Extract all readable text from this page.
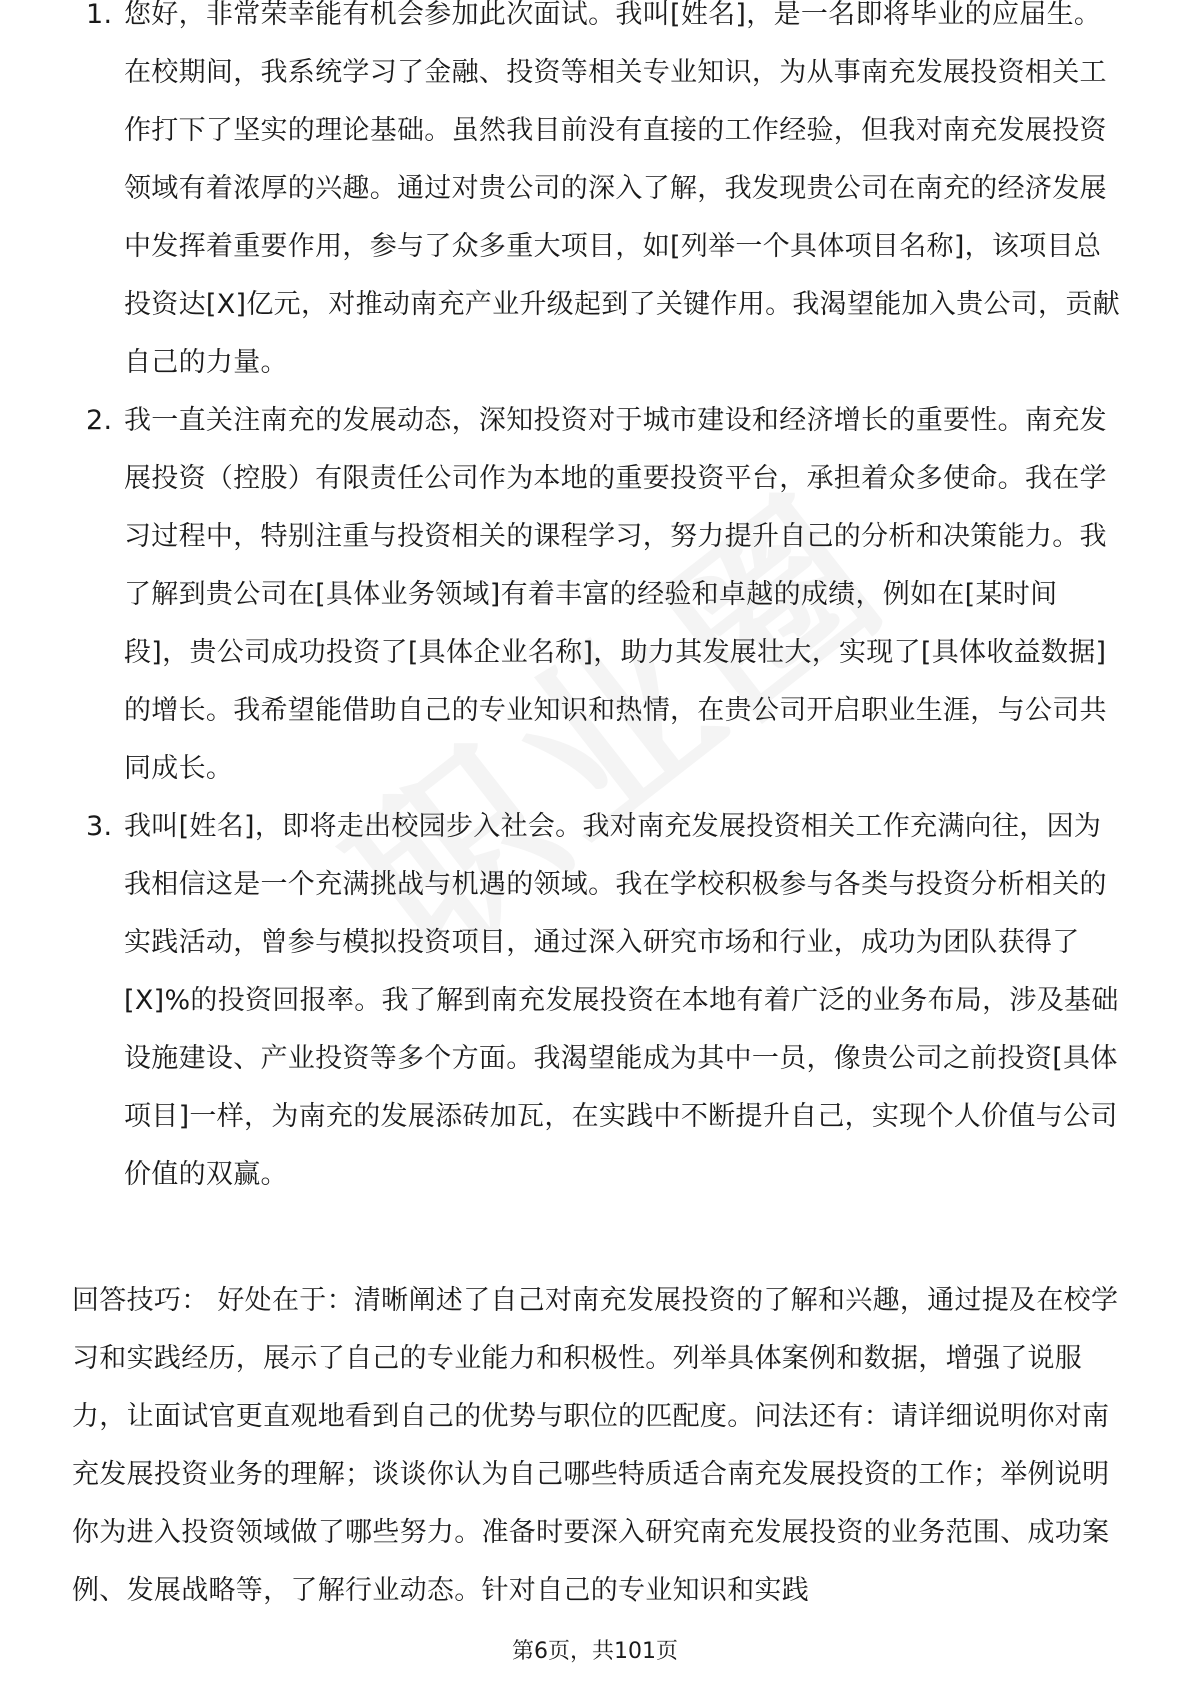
1. 您好，非常荣幸能有机会参加此次面试。我叫[姓名]，是一名即将毕业的应届生。在校期间，我系统学习了金融、投资等相关专业知识，为从事南充发展投资相关工作打下了坚实的理论基础。虽然我目前没有直接的工作经验，但我对南充发展投资领域有着浓厚的兴趣。通过对贵公司的深入了解，我发现贵公司在南充的经济发展中发挥着重要作用，参与了众多重大项目，如[列举一个具体项目名称]，该项目总投资达[X]亿元，对推动南充产业升级起到了关键作用。我渴望能加入贵公司，贡献自己的力量。
2. 我一直关注南充的发展动态，深知投资对于城市建设和经济增长的重要性。南充发展投资（控股）有限责任公司作为本地的重要投资平台，承担着众多使命。我在学习过程中，特别注重与投资相关的课程学习，努力提升自己的分析和决策能力。我了解到贵公司在[具体业务领域]有着丰富的经验和卓越的成绩，例如在[某时间段]，贵公司成功投资了[具体企业名称]，助力其发展壮大，实现了[具体收益数据]的增长。我希望能借助自己的专业知识和热情，在贵公司开启职业生涯，与公司共同成长。
3. 我叫[姓名]，即将走出校园步入社会。我对南充发展投资相关工作充满向往，因为我相信这是一个充满挑战与机遇的领域。我在学校积极参与各类与投资分析相关的实践活动，曾参与模拟投资项目，通过深入研究市场和行业，成功为团队获得了[X]%的投资回报率。我了解到南充发展投资在本地有着广泛的业务布局，涉及基础设施建设、产业投资等多个方面。我渴望能成为其中一员，像贵公司之前投资[具体项目]一样，为南充的发展添砖加瓦，在实践中不断提升自己，实现个人价值与公司价值的双赢。

回答技巧： 好处在于：清晰阐述了自己对南充发展投资的了解和兴趣，通过提及在校学习和实践经历，展示了自己的专业能力和积极性。列举具体案例和数据，增强了说服力，让面试官更直观地看到自己的优势与职位的匹配度。问法还有：请详细说明你对南充发展投资业务的理解；谈谈你认为自己哪些特质适合南充发展投资的工作；举例说明你为进入投资领域做了哪些努力。准备时要深入研究南充发展投资的业务范围、成功案例、发展战略等，了解行业动态。针对自己的专业知识和实践

第6页，共101页
